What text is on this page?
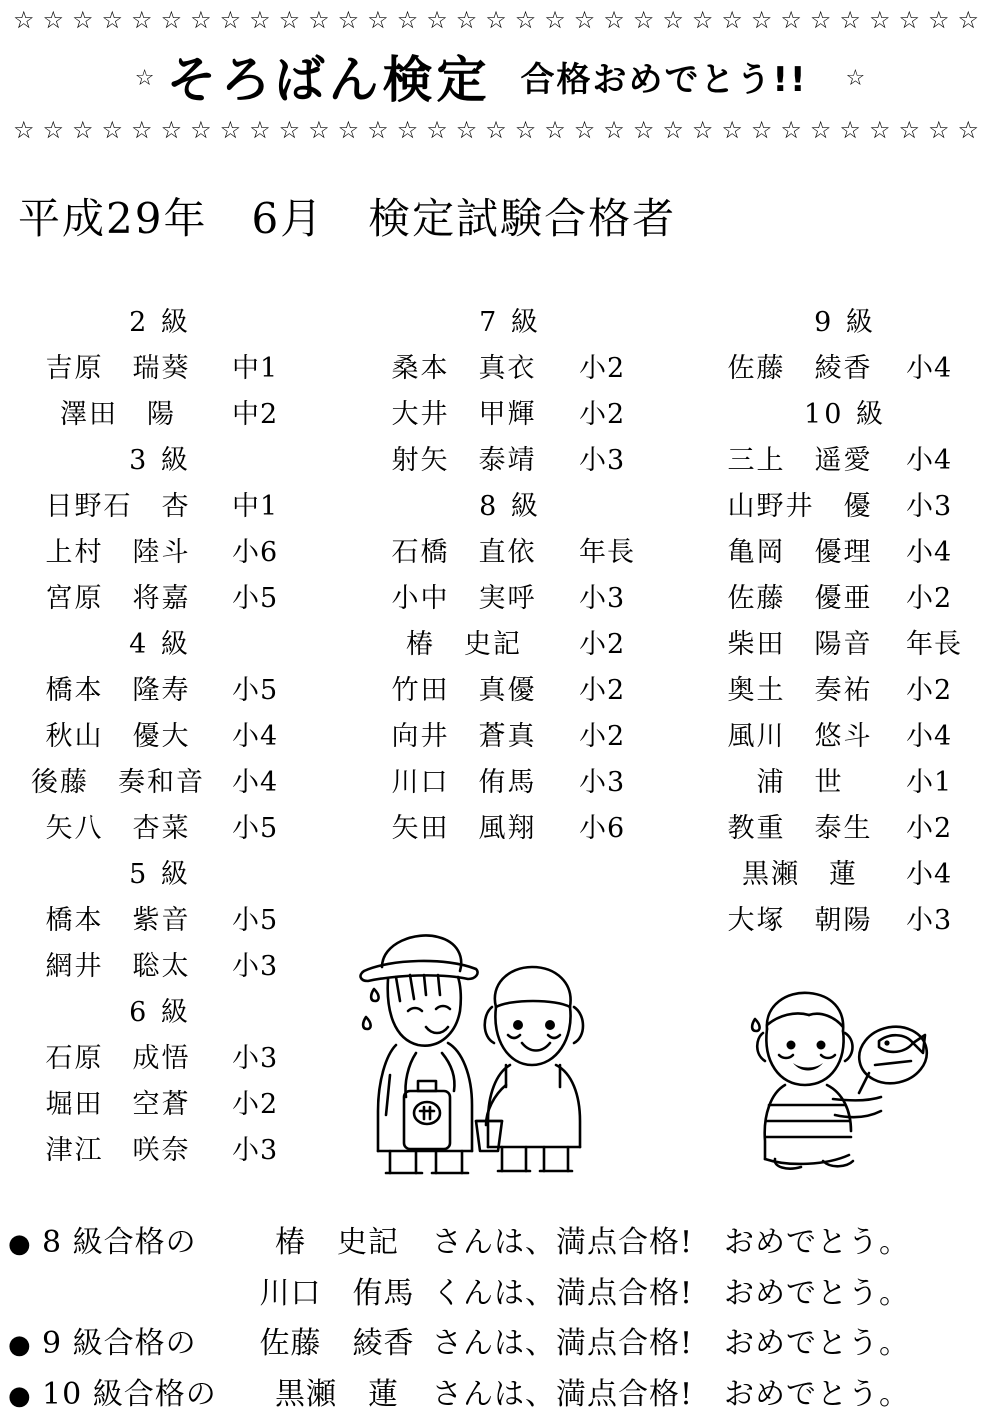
☆☆☆☆☆☆☆☆☆☆☆☆☆☆☆☆☆☆☆☆☆☆☆☆☆☆☆☆☆☆☆☆☆
☆ そろばん検定 合格おめでとう!!	☆
☆☆☆☆☆☆☆☆☆☆☆☆☆☆☆☆☆☆☆☆☆☆☆☆☆☆☆☆☆☆☆☆☆
平成29年　6月　検定試験合格者
2 級
吉原　瑞葵	中1
澤田　陽	中2
3 級
日野石　杏	中1
上村　陸斗	小6
宮原　将嘉	小5
4 級
橋本　隆寿	小5
秋山　優大	小4
後藤　奏和音	小4
矢八　杏菜	小5
5 級
橋本　紫音	小5
網井　聡太	小3
6 級
石原　成悟	小3
堀田　空蒼	小2
津江　咲奈	小3
7 級
桑本　真衣	小2
大井　甲輝	小2
射矢　泰靖	小3
8 級
石橋　直依	年長
小中　実呼	小3
椿　史記	小2
竹田　真優	小2
向井　蒼真	小2
川口　侑馬	小3
矢田　風翔	小6
9 級
佐藤　綾香	小4
10 級
三上　遥愛	小4
山野井　優	小3
亀岡　優理	小4
佐藤　優亜	小2
柴田　陽音	年長
奥土　奏祐	小2
風川　悠斗	小4
浦　世	小1
教重　泰生	小2
黒瀬　蓮	小4
大塚　朝陽	小3
● 8 級合格の	椿　史記	さんは、満点合格!　おめでとう。
川口　侑馬 くんは、満点合格!　おめでとう。
● 9 級合格の	佐藤　綾香 さんは、満点合格!　おめでとう。
● 10 級合格の	黒瀬　蓮	さんは、満点合格!　おめでとう。
